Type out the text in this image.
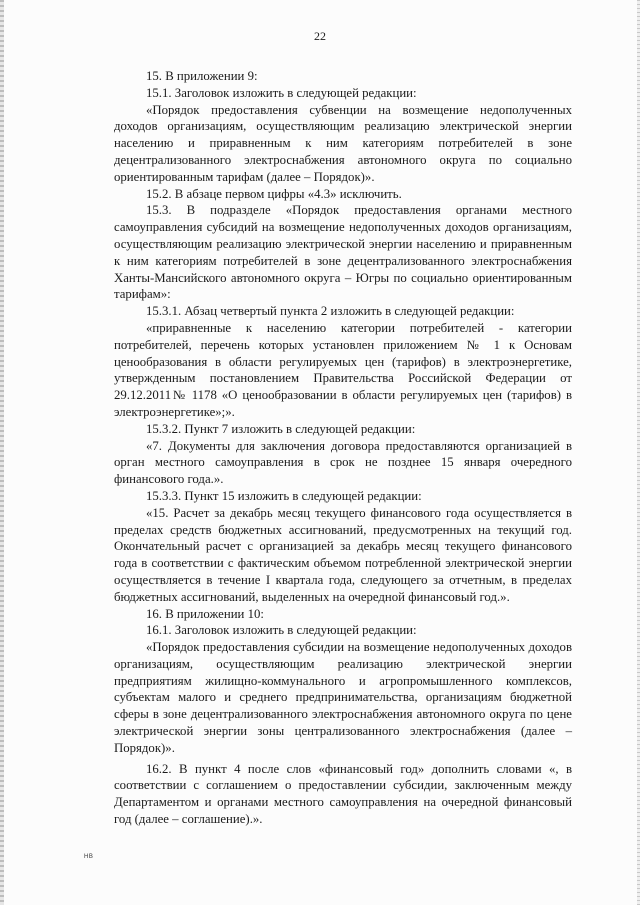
22

15. В приложении 9:

15.1. Заголовок изложить в следующей редакции:

«Порядок предоставления субвенции на возмещение недополученных доходов организациям, осуществляющим реализацию электрической энергии населению и приравненным к ним категориям потребителей в зоне децентрализованного электроснабжения автономного округа по социально ориентированным тарифам (далее – Порядок)».

15.2. В абзаце первом цифры «4.3» исключить.

15.3. В подразделе «Порядок предоставления органами местного самоуправления субсидий на возмещение недополученных доходов организациям, осуществляющим реализацию электрической энергии населению и приравненным к ним категориям потребителей в зоне децентрализованного электроснабжения Ханты-Мансийского автономного округа – Югры по социально ориентированным тарифам»:

15.3.1. Абзац четвертый пункта 2 изложить в следующей редакции:

«приравненные к населению категории потребителей - категории потребителей, перечень которых установлен приложением № 1 к Основам ценообразования в области регулируемых цен (тарифов) в электроэнергетике, утвержденным постановлением Правительства Российской Федерации от 29.12.2011№ 1178 «О ценообразовании в области регулируемых цен (тарифов) в электроэнергетике»;».

15.3.2. Пункт 7 изложить в следующей редакции:

«7. Документы для заключения договора предоставляются организацией в орган местного самоуправления в срок не позднее 15 января очередного финансового года.».

15.3.3. Пункт 15 изложить в следующей редакции:

«15. Расчет за декабрь месяц текущего финансового года осуществляется в пределах средств бюджетных ассигнований, предусмотренных на текущий год. Окончательный расчет с организацией за декабрь месяц текущего финансового года в соответствии с фактическим объемом потребленной электрической энергии осуществляется в течение I квартала года, следующего за отчетным, в пределах бюджетных ассигнований, выделенных на очередной финансовый год.».

16. В приложении 10:

16.1. Заголовок изложить в следующей редакции:

«Порядок предоставления субсидии на возмещение недополученных доходов организациям, осуществляющим реализацию электрической энергии предприятиям жилищно-коммунального и агропромышленного комплексов, субъектам малого и среднего предпринимательства, организациям бюджетной сферы в зоне децентрализованного электроснабжения автономного округа по цене электрической энергии зоны централизованного электроснабжения (далее – Порядок)».

16.2. В пункт 4 после слов «финансовый год» дополнить словами «, в соответствии с соглашением о предоставлении субсидии, заключенным между Департаментом и органами местного самоуправления на очередной финансовый год (далее – соглашение).».

HB
